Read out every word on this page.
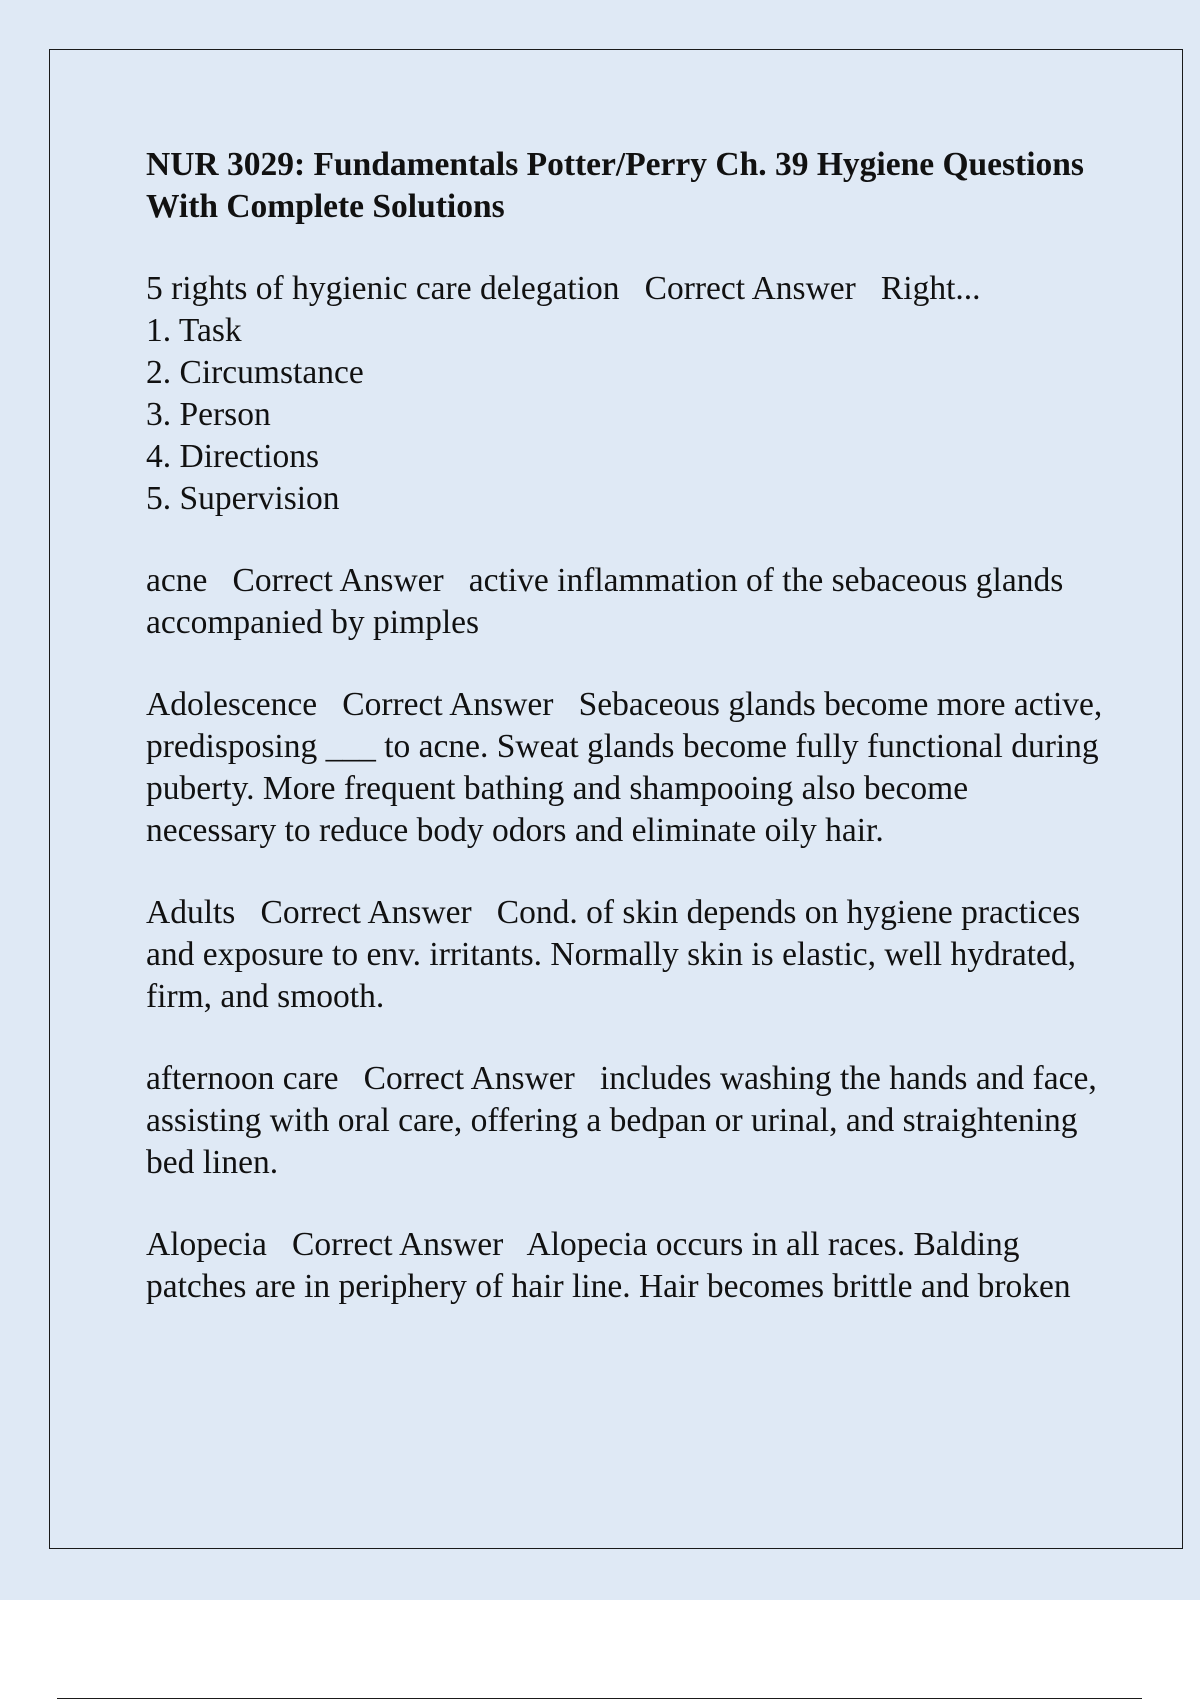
NUR 3029: Fundamentals Potter/Perry Ch. 39 Hygiene Questions With Complete Solutions
5 rights of hygienic care delegation Correct Answer Right...
1. Task
2. Circumstance
3. Person
4. Directions
5. Supervision
acne Correct Answer active inflammation of the sebaceous glands accompanied by pimples
Adolescence Correct Answer Sebaceous glands become more active, predisposing ___ to acne. Sweat glands become fully functional during puberty. More frequent bathing and shampooing also become necessary to reduce body odors and eliminate oily hair.
Adults Correct Answer Cond. of skin depends on hygiene practices and exposure to env. irritants. Normally skin is elastic, well hydrated, firm, and smooth.
afternoon care Correct Answer includes washing the hands and face, assisting with oral care, offering a bedpan or urinal, and straightening bed linen.
Alopecia Correct Answer Alopecia occurs in all races. Balding patches are in periphery of hair line. Hair becomes brittle and broken
